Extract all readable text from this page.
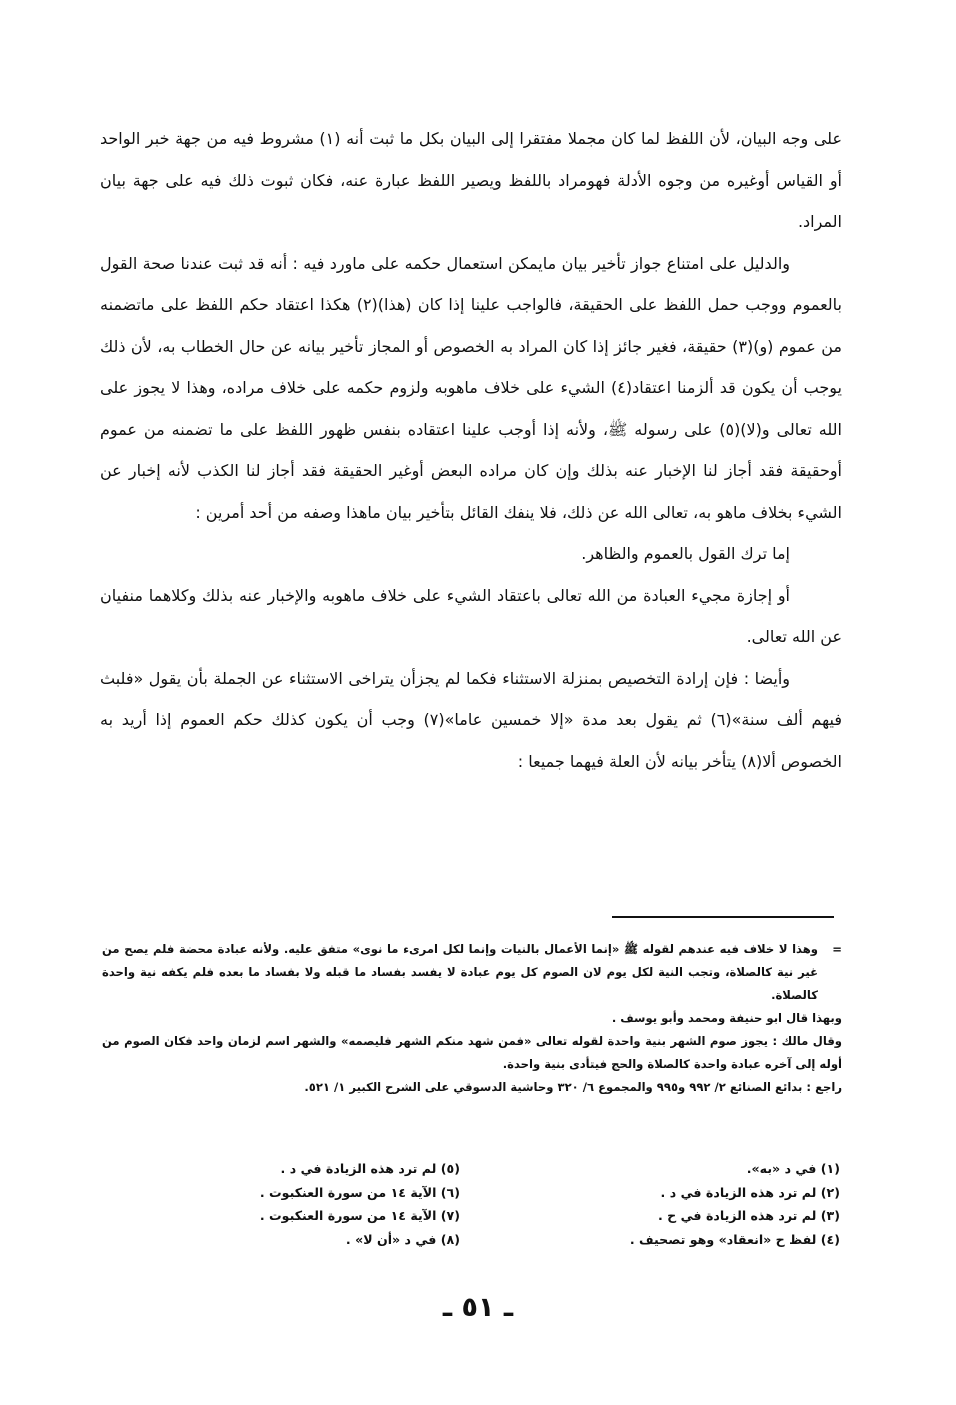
على وجه البيان، لأن اللفظ لما كان مجملا مفتقرا إلى البيان بكل ما ثبت أنه (١) مشروط فيه من جهة خبر الواحد أو القياس أوغيره من وجوه الأدلة فهومراد باللفظ ويصير اللفظ عبارة عنه، فكان ثبوت ذلك فيه على جهة بيان المراد.

والدليل على امتناع جواز تأخير بيان مايمكن استعمال حكمه على ماورد فيه : أنه قد ثبت عندنا صحة القول بالعموم ووجب حمل اللفظ على الحقيقة، فالواجب علينا إذا كان (هذا)(٢) هكذا اعتقاد حكم اللفظ على ماتضمنه من عموم (و)(٣) حقيقة، فغير جائز إذا كان المراد به الخصوص أو المجاز تأخير بيانه عن حال الخطاب به، لأن ذلك يوجب أن يكون قد ألزمنا اعتقاد(٤) الشيء على خلاف ماهوبه ولزوم حكمه على خلاف مراده، وهذا لا يجوز على الله تعالى و(لا)(٥) على رسوله ﷺ، ولأنه إذا أوجب علينا اعتقاده بنفس ظهور اللفظ على ما تضمنه من عموم أوحقيقة فقد أجاز لنا الإخبار عنه بذلك وإن كان مراده البعض أوغير الحقيقة فقد أجاز لنا الكذب لأنه إخبار عن الشيء بخلاف ماهو به، تعالى الله عن ذلك، فلا ينفك القائل بتأخير بيان ماهذا وصفه من أحد أمرين :

إما ترك القول بالعموم والظاهر.

أو إجازة مجيء العبادة من الله تعالى باعتقاد الشيء على خلاف ماهوبه والإخبار عنه بذلك وكلاهما منفيان عن الله تعالى.

وأيضا : فإن إرادة التخصيص بمنزلة الاستثناء فكما لم يجزأن يتراخى الاستثناء عن الجملة بأن يقول «فلبث فيهم ألف سنة»(٦) ثم يقول بعد مدة «إلا خمسين عاما»(٧) وجب أن يكون كذلك حكم العموم إذا أريد به الخصوص ألا(٨) يتأخر بيانه لأن العلة فيهما جميعا :

=وهذا لا خلاف فيه عندهم لقوله ﷺ «إنما الأعمال بالنيات وإنما لكل امرىء ما نوى» متفق عليه. ولأنه عبادة محضة فلم يصح من غير نية كالصلاة، وتجب النية لكل يوم لان الصوم كل يوم عبادة لا يفسد بفساد ما قبله ولا بفساد ما بعده فلم يكفه نية واحدة كالصلاة.

وبهذا قال ابو حنيفة ومحمد وأبو يوسف .

وقال مالك : يجوز صوم الشهر بنية واحدة لقوله تعالى «فمن شهد منكم الشهر فليصمه» والشهر اسم لزمان واحد فكان الصوم من أوله إلى آخره عبادة واحدة كالصلاة والحج فيتأدى بنية واحدة.

راجع : بدائع الصنائع ٢/ ٩٩٢ و٩٩٥ والمجموع ٦/ ٣٢٠ وحاشية الدسوقي على الشرح الكبير ١/ ٥٢١.

(١) في د «به».
(٥) لم ترد هذه الزيادة في د .
(٢) لم ترد هذه الزيادة في د .
(٦) الآية ١٤ من سورة العنكبوت .
(٣) لم ترد هذه الزيادة في ح .
(٧) الآية ١٤ من سورة العنكبوت .
(٤) لفظ ح «انعقاد» وهو تصحيف .
(٨) في د «أن لا» .
ـ ٥١ ـ
